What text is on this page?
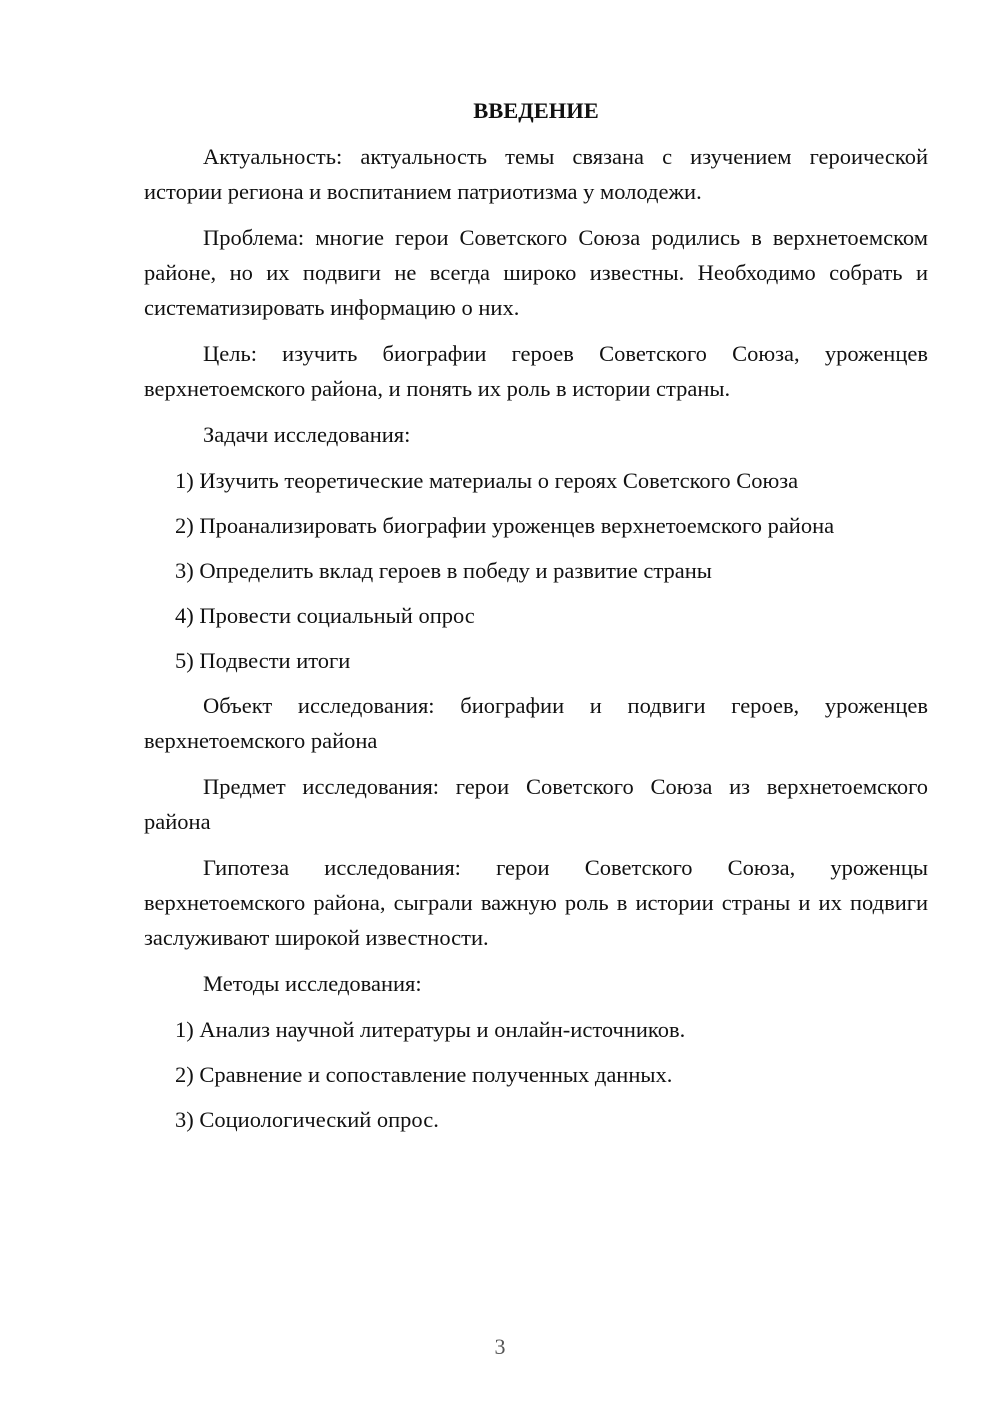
ВВЕДЕНИЕ
Актуальность: актуальность темы связана с изучением героической истории региона и воспитанием патриотизма у молодежи.
Проблема: многие герои Советского Союза родились в верхнетоемском районе, но их подвиги не всегда широко известны. Необходимо собрать и систематизировать информацию о них.
Цель: изучить биографии героев Советского Союза, уроженцев верхнетоемского района, и понять их роль в истории страны.
Задачи исследования:
1) Изучить теоретические материалы о героях Советского Союза
2) Проанализировать биографии уроженцев верхнетоемского района
3) Определить вклад героев в победу и развитие страны
4) Провести социальный опрос
5) Подвести итоги
Объект исследования: биографии и подвиги героев, уроженцев верхнетоемского района
Предмет исследования: герои Советского Союза из верхнетоемского района
Гипотеза исследования: герои Советского Союза, уроженцы верхнетоемского района, сыграли важную роль в истории страны и их подвиги заслуживают широкой известности.
Методы исследования:
1) Анализ научной литературы и онлайн-источников.
2) Сравнение и сопоставление полученных данных.
3) Социологический опрос.
3
